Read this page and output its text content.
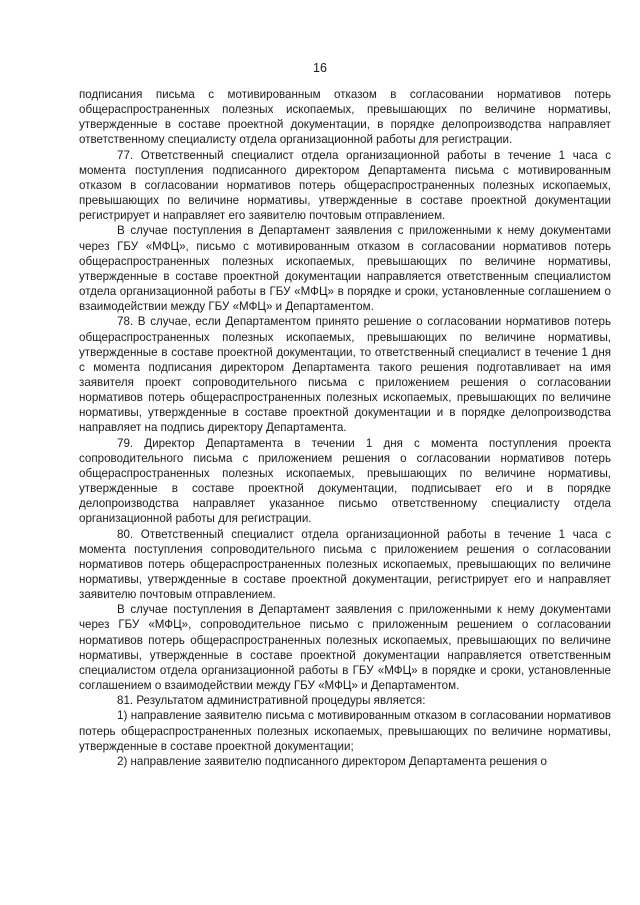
16

подписания письма с мотивированным отказом в согласовании нормативов потерь общераспространенных полезных ископаемых, превышающих по величине нормативы, утвержденные в составе проектной документации, в порядке делопроизводства направляет ответственному специалисту отдела организационной работы для регистрации.

77. Ответственный специалист отдела организационной работы в течение 1 часа с момента поступления подписанного директором Департамента письма с мотивированным отказом в согласовании нормативов потерь общераспространенных полезных ископаемых, превышающих по величине нормативы, утвержденные в составе проектной документации регистрирует и направляет его заявителю почтовым отправлением.

В случае поступления в Департамент заявления с приложенными к нему документами через ГБУ «МФЦ», письмо с мотивированным отказом в согласовании нормативов потерь общераспространенных полезных ископаемых, превышающих по величине нормативы, утвержденные в составе проектной документации направляется ответственным специалистом отдела организационной работы в ГБУ «МФЦ» в порядке и сроки, установленные соглашением о взаимодействии между ГБУ «МФЦ» и Департаментом.

78. В случае, если Департаментом принято решение о согласовании нормативов потерь общераспространенных полезных ископаемых, превышающих по величине нормативы, утвержденные в составе проектной документации, то ответственный специалист в течение 1 дня с момента подписания директором Департамента такого решения подготавливает на имя заявителя проект сопроводительного письма с приложением решения о согласовании нормативов потерь общераспространенных полезных ископаемых, превышающих по величине нормативы, утвержденные в составе проектной документации и в порядке делопроизводства направляет на подпись директору Департамента.

79. Директор Департамента в течении 1 дня с момента поступления проекта сопроводительного письма с приложением решения о согласовании нормативов потерь общераспространенных полезных ископаемых, превышающих по величине нормативы, утвержденные в составе проектной документации, подписывает его и в порядке делопроизводства направляет указанное письмо ответственному специалисту отдела организационной работы для регистрации.

80. Ответственный специалист отдела организационной работы в течение 1 часа с момента поступления сопроводительного письма с приложением решения о согласовании нормативов потерь общераспространенных полезных ископаемых, превышающих по величине нормативы, утвержденные в составе проектной документации, регистрирует его и направляет заявителю почтовым отправлением.

В случае поступления в Департамент заявления с приложенными к нему документами через ГБУ «МФЦ», сопроводительное письмо с приложенным решением о согласовании нормативов потерь общераспространенных полезных ископаемых, превышающих по величине нормативы, утвержденные в составе проектной документации направляется ответственным специалистом отдела организационной работы в ГБУ «МФЦ» в порядке и сроки, установленные соглашением о взаимодействии между ГБУ «МФЦ» и Департаментом.

81. Результатом административной процедуры является:

1) направление заявителю письма с мотивированным отказом в согласовании нормативов потерь общераспространенных полезных ископаемых, превышающих по величине нормативы, утвержденные в составе проектной документации;

2) направление заявителю подписанного директором Департамента решения о
